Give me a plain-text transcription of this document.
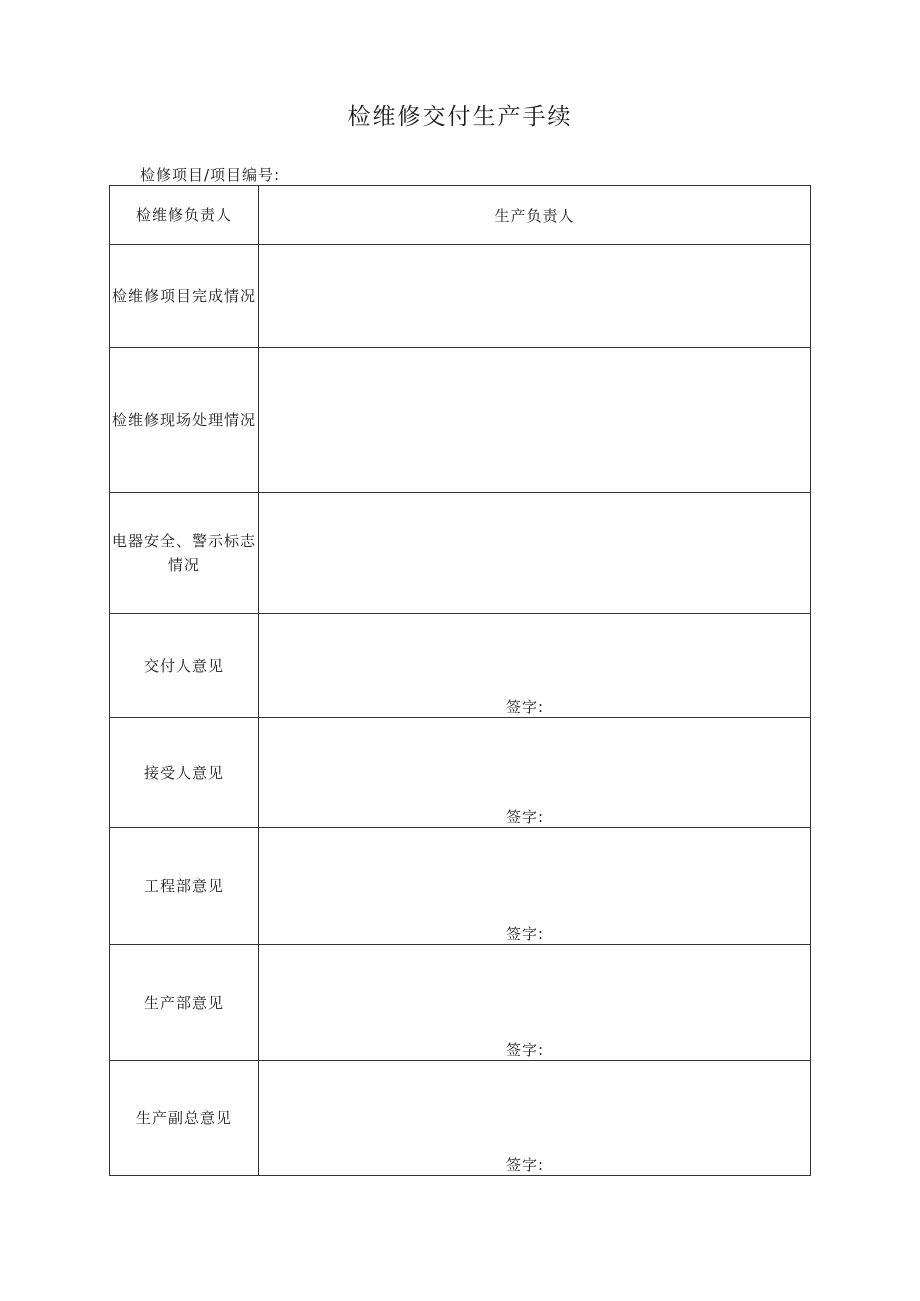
检维修交付生产手续
检修项目/项目编号:
检维修负责人	生产负责人
检维修项目完成情况	
检维修现场处理情况	
电器安全、警示标志情况	
交付人意见	签字:

接受人意见	签字:

工程部意见	签字:

生产部意见	签字:

生产副总意见	签字:
